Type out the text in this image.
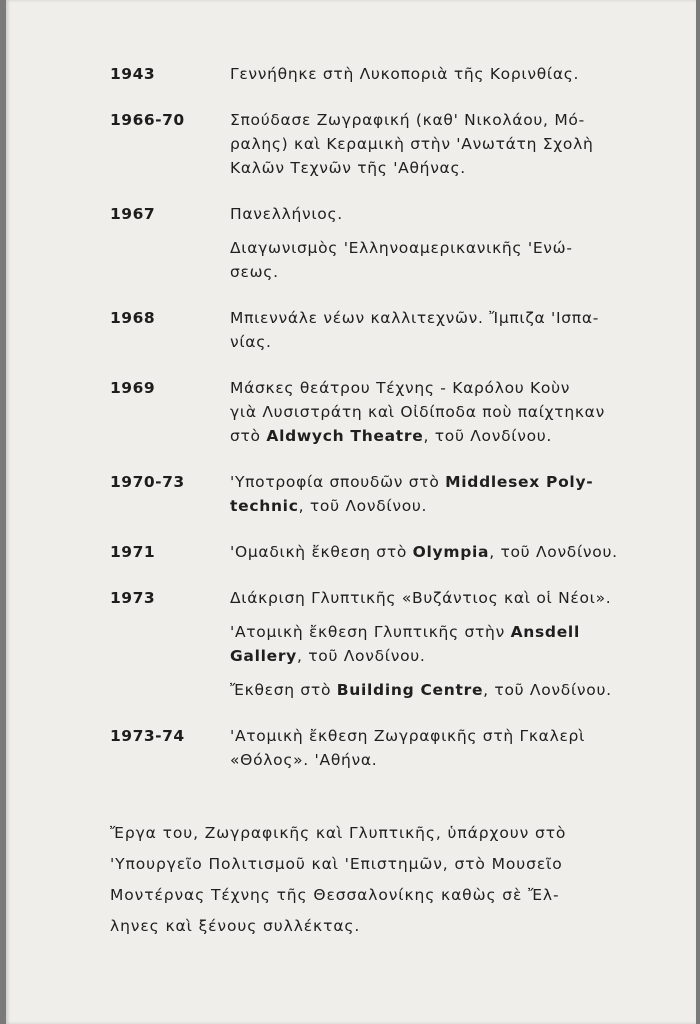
1943	Γεννήθηκε στὴ Λυκοποριὰ τῆς Κορινθίας.
1966-70	Σπούδασε Ζωγραφική (καθ' Νικολάου, Μό-
ραλης) καὶ Κεραμικὴ στὴν 'Ανωτάτη Σχολὴ
Καλῶν Τεχνῶν τῆς 'Αθήνας.
1967	Πανελλήνιος.
Διαγωνισμὸς 'Ελληνοαμερικανικῆς 'Ενώ-
σεως.
1968	Μπιεννάλε νέων καλλιτεχνῶν. Ἴμπιζα 'Ισπα-
νίας.
1969	Μάσκες θεάτρου Τέχνης - Καρόλου Κοὺν
γιὰ Λυσιστράτη καὶ Οἰδίποδα ποὺ παίχτηκαν
στὸ Aldwych Theatre, τοῦ Λονδίνου.
1970-73	'Υποτροφία σπουδῶν στὸ Middlesex Poly-
technic, τοῦ Λονδίνου.
1971	'Ομαδικὴ ἔκθεση στὸ Olympia, τοῦ Λονδίνου.
1973	Διάκριση Γλυπτικῆς «Βυζάντιος καὶ οἱ Νέοι».
'Ατομικὴ ἔκθεση Γλυπτικῆς στὴν Ansdell
Gallery, τοῦ Λονδίνου.
Ἔκθεση στὸ Building Centre, τοῦ Λονδίνου.
1973-74	'Ατομικὴ ἔκθεση Ζωγραφικῆς στὴ Γκαλερὶ
«Θόλος». 'Αθήνα.
Ἔργα του, Ζωγραφικῆς καὶ Γλυπτικῆς, ὑπάρχουν στὸ
'Υπουργεῖο Πολιτισμοῦ καὶ 'Επιστημῶν, στὸ Μουσεῖο
Μοντέρνας Τέχνης τῆς Θεσσαλονίκης καθὼς σὲ Ἔλ-
ληνες καὶ ξένους συλλέκτας.
